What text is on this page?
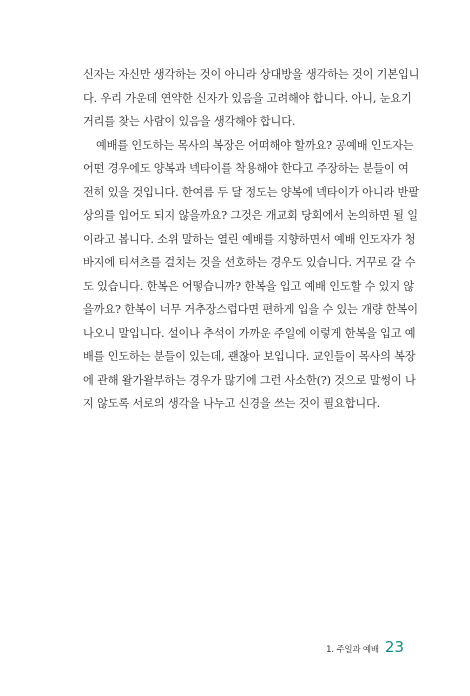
신자는 자신만 생각하는 것이 아니라 상대방을 생각하는 것이 기본입니
다. 우리 가운데 연약한 신자가 있음을 고려해야 합니다. 아니, 눈요기
거리를 찾는 사람이 있음을 생각해야 합니다.
예배를 인도하는 목사의 복장은 어떠해야 할까요? 공예배 인도자는
어떤 경우에도 양복과 넥타이를 착용해야 한다고 주장하는 분들이 여
전히 있을 것입니다. 한여름 두 달 정도는 양복에 넥타이가 아니라 반팔
상의를 입어도 되지 않을까요? 그것은 개교회 당회에서 논의하면 될 일
이라고 봅니다. 소위 말하는 열린 예배를 지향하면서 예배 인도자가 청
바지에 티셔츠를 걸치는 것을 선호하는 경우도 있습니다. 거꾸로 갈 수
도 있습니다. 한복은 어떻습니까? 한복을 입고 예배 인도할 수 있지 않
을까요? 한복이 너무 거추장스럽다면 편하게 입을 수 있는 개량 한복이
나오니 말입니다. 설이나 추석이 가까운 주일에 이렇게 한복을 입고 예
배를 인도하는 분들이 있는데, 괜찮아 보입니다. 교인들이 목사의 복장
에 관해 왈가왈부하는 경우가 많기에 그런 사소한(?) 것으로 말썽이 나
지 않도록 서로의 생각을 나누고 신경을 쓰는 것이 필요합니다.
1. 주일과 예배 23
